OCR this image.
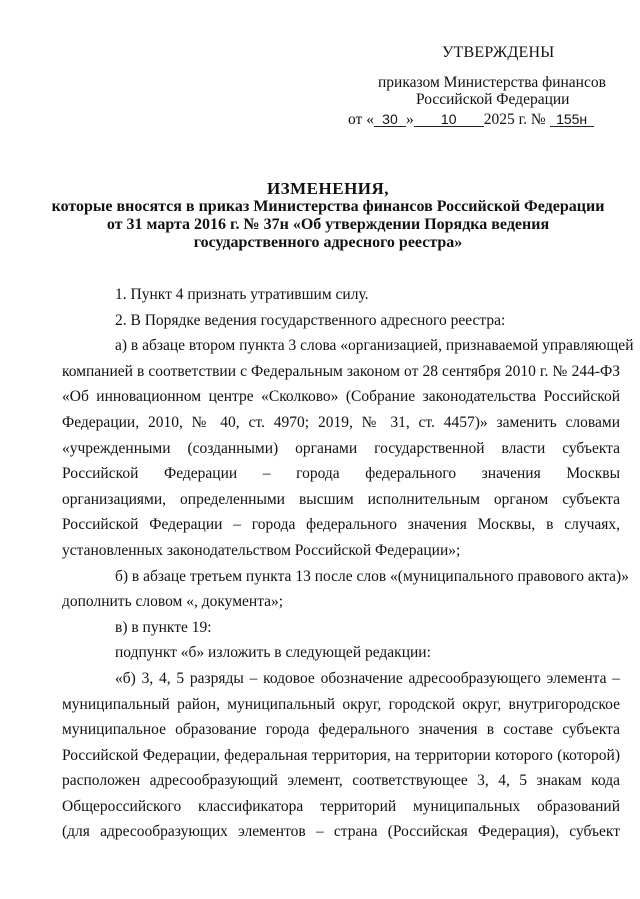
УТВЕРЖДЕНЫ
приказом Министерства финансов
Российской Федерации
от « 30 » 10 2025 г. № 155н
ИЗМЕНЕНИЯ,
которые вносятся в приказ Министерства финансов Российской Федерации
от 31 марта 2016 г. № 37н «Об утверждении Порядка ведения
государственного адресного реестра»
1. Пункт 4 признать утратившим силу.
2. В Порядке ведения государственного адресного реестра:
а) в абзаце втором пункта 3 слова «организацией, признаваемой управляющей
компанией в соответствии с Федеральным законом от 28 сентября 2010 г. № 244-ФЗ
«Об инновационном центре «Сколково» (Собрание законодательства Российской
Федерации, 2010, № 40, ст. 4970; 2019, № 31, ст. 4457)» заменить словами
«учрежденными (созданными) органами государственной власти субъекта
Российской Федерации – города федерального значения Москвы
организациями, определенными высшим исполнительным органом субъекта
Российской Федерации – города федерального значения Москвы, в случаях,
установленных законодательством Российской Федерации»;
б) в абзаце третьем пункта 13 после слов «(муниципального правового акта)»
дополнить словом «, документа»;
в) в пункте 19:
подпункт «б» изложить в следующей редакции:
«б) 3, 4, 5 разряды – кодовое обозначение адресообразующего элемента –
муниципальный район, муниципальный округ, городской округ, внутригородское
муниципальное образование города федерального значения в составе субъекта
Российской Федерации, федеральная территория, на территории которого (которой)
расположен адресообразующий элемент, соответствующее 3, 4, 5 знакам кода
Общероссийского классификатора территорий муниципальных образований
(для адресообразующих элементов – страна (Российская Федерация), субъект
